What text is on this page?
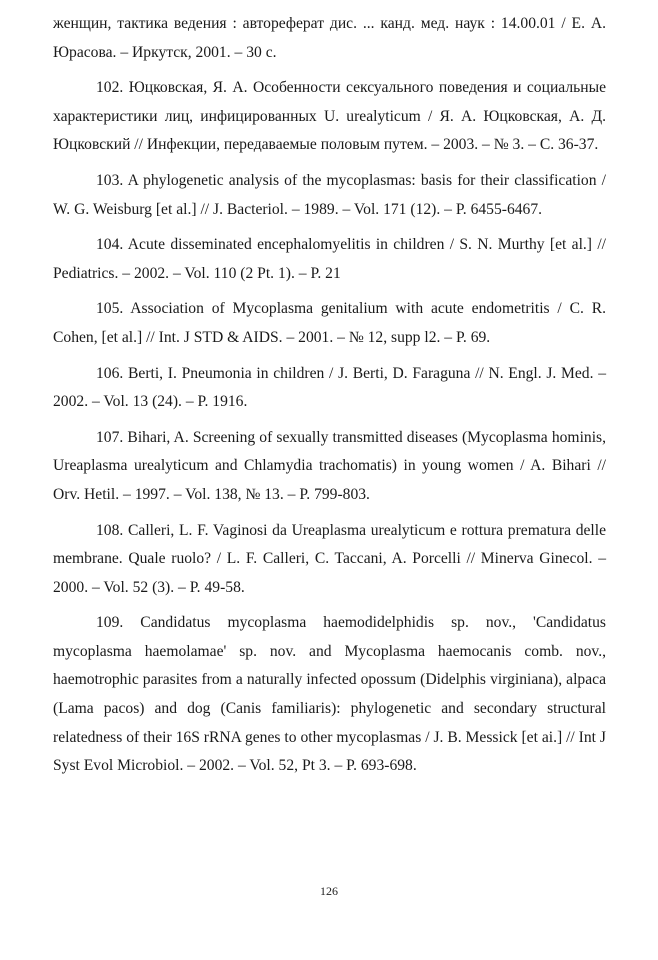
женщин, тактика ведения : автореферат дис. ... канд. мед. наук : 14.00.01 / Е. А. Юрасова. – Иркутск, 2001. – 30 с.

102. Юцковская, Я. А. Особенности сексуального поведения и социальные характеристики лиц, инфицированных U. urealyticum / Я. А. Юцковская, А. Д. Юцковский // Инфекции, передаваемые половым путем. – 2003. – № 3. – С. 36-37.

103. A phylogenetic analysis of the mycoplasmas: basis for their classification / W. G. Weisburg [et al.] // J. Bacteriol. – 1989. – Vol. 171 (12). – P. 6455-6467.

104. Acute disseminated encephalomyelitis in children / S. N. Murthy [et al.] // Pediatrics. – 2002. – Vol. 110 (2 Pt. 1). – P. 21

105. Association of Mycoplasma genitalium with acute endometritis / C. R. Cohen, [et al.] // Int. J STD & AIDS. – 2001. – № 12, supp l2. – P. 69.

106. Berti, I. Pneumonia in children / J. Berti, D. Faraguna // N. Engl. J. Med. – 2002. – Vol. 13 (24). – P. 1916.

107. Bihari, A. Screening of sexually transmitted diseases (Mycoplasma hominis, Ureaplasma urealyticum and Chlamydia trachomatis) in young women / A. Bihari // Orv. Hetil. – 1997. – Vol. 138, № 13. – P. 799-803.

108. Calleri, L. F. Vaginosi da Ureaplasma urealyticum e rottura prematura delle membrane. Quale ruolo? / L. F. Calleri, C. Taccani, A. Porcelli // Minerva Ginecol. – 2000. – Vol. 52 (3). – P. 49-58.

109. Candidatus mycoplasma haemodidelphidis sp. nov., 'Candidatus mycoplasma haemolamae' sp. nov. and Mycoplasma haemocanis comb. nov., haemotrophic parasites from a naturally infected opossum (Didelphis virginiana), alpaca (Lama pacos) and dog (Canis familiaris): phylogenetic and secondary structural relatedness of their 16S rRNA genes to other mycoplasmas / J. B. Messick [et ai.] // Int J Syst Evol Microbiol. – 2002. – Vol. 52, Pt 3. – P. 693-698.

126
